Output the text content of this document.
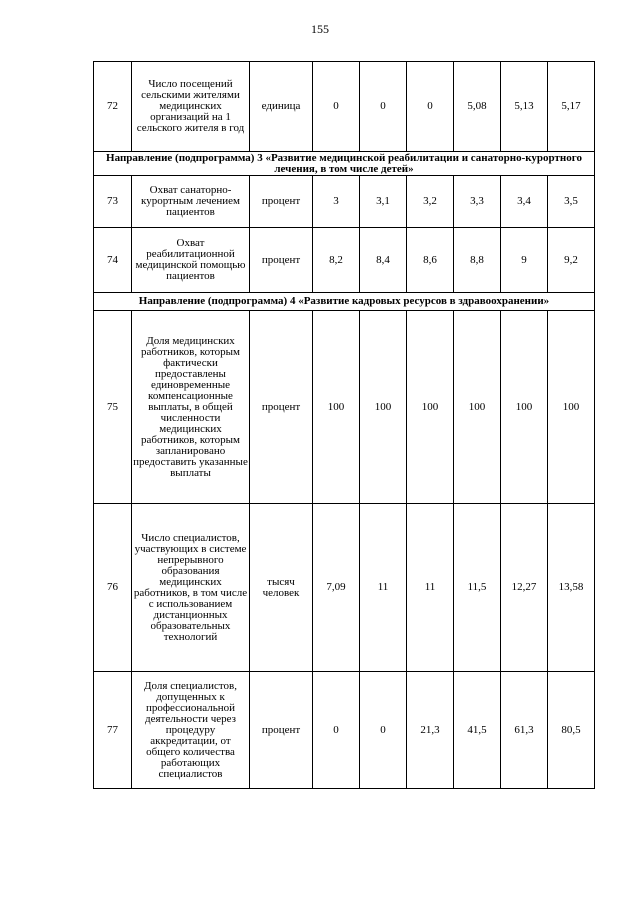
155
72	Число посещений сельскими жителями медицинских организаций на 1 сельского жителя в год	единица	0	0	0	5,08	5,13	5,17
Направление (подпрограмма) 3 «Развитие медицинской реабилитации и санаторно-курортного лечения, в том числе детей»								
73	Охват санаторно-курортным лечением пациентов	процент	3	3,1	3,2	3,3	3,4	3,5
74	Охват реабилитационной медицинской помощью пациентов	процент	8,2	8,4	8,6	8,8	9	9,2
Направление (подпрограмма) 4 «Развитие кадровых ресурсов в здравоохранении»								
75	Доля медицинских работников, которым фактически предоставлены единовременные компенсационные выплаты, в общей численности медицинских работников, которым запланировано предоставить указанные выплаты	процент	100	100	100	100	100	100
76	Число специалистов, участвующих в системе непрерывного образования медицинских работников, в том числе с использованием дистанционных образовательных технологий	тысяч человек	7,09	11	11	11,5	12,27	13,58
77	Доля специалистов, допущенных к профессиональной деятельности через процедуру аккредитации, от общего количества работающих специалистов	процент	0	0	21,3	41,5	61,3	80,5
